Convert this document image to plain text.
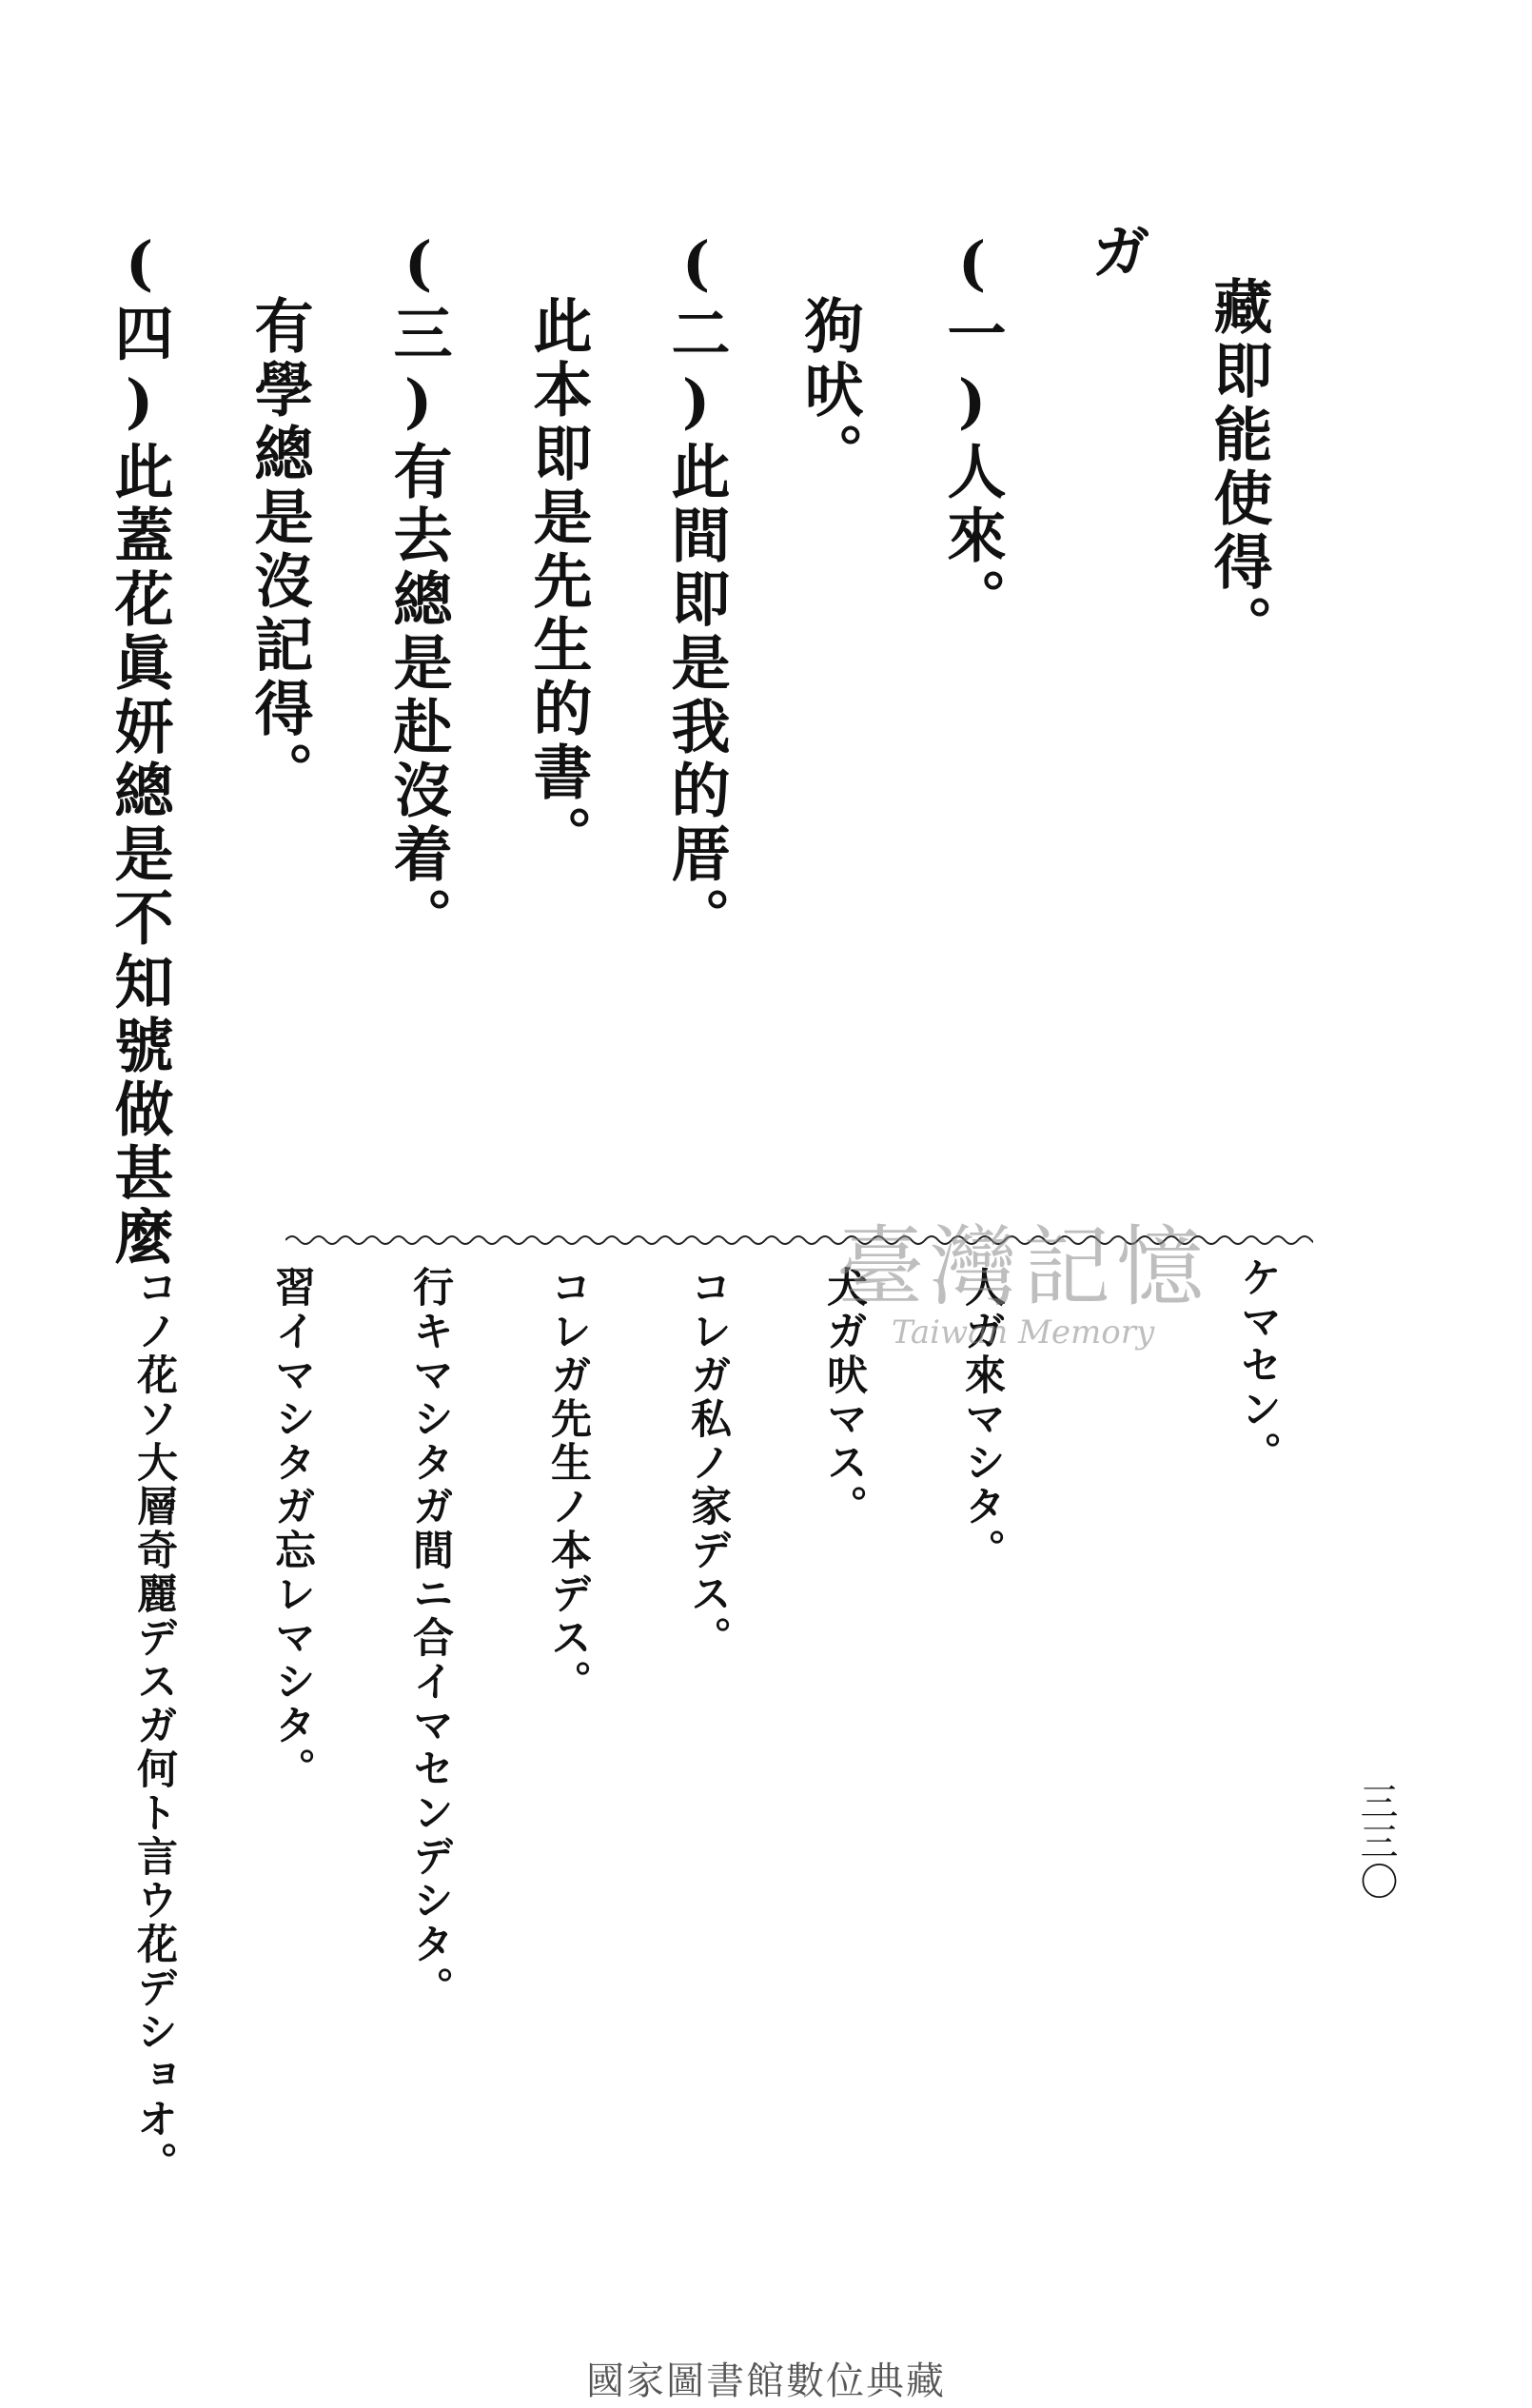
ガ
藏即能使得。
(一)人來。
狗吠。
(二)此間即是我的厝。
此本即是先生的書。
(三)有去總是赴沒着。
有學總是沒記得。
(四)此蓋花眞妍總是不知號做甚麼
ケマセン。
人ガ來マシタ。
犬ガ吠マス。
コレガ私ノ家デス。
コレガ先生ノ本デス。
行キマシタガ間ニ合イマセンデシタ。
習イマシタガ忘レマシタ。
コノ花ソ大層奇麗デスガ何ト言ウ花デショオ。	三三〇
臺灣記憶
Taiwan Memory
國家圖書館數位典藏
